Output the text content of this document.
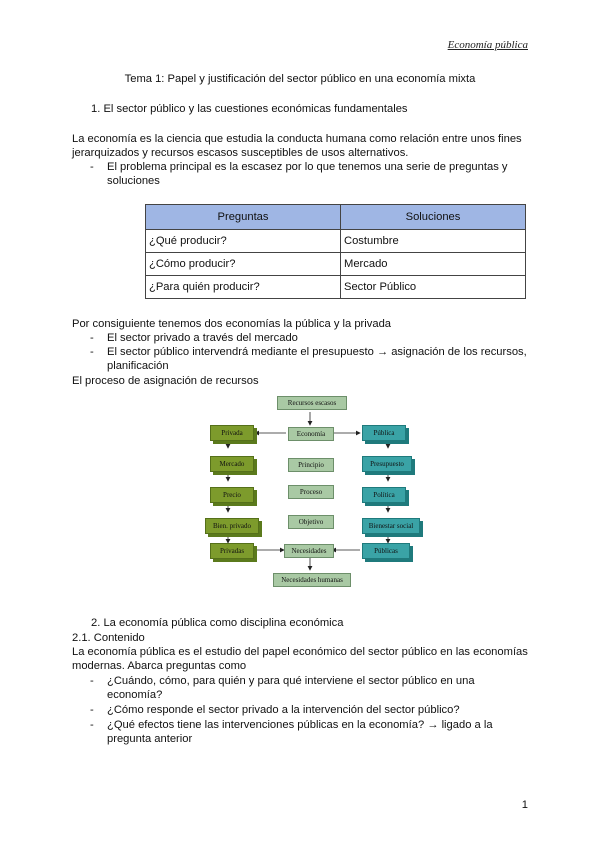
Economía pública
Tema 1: Papel y justificación del sector público en una economía mixta
1. El sector público y las cuestiones económicas fundamentales
La economía es la ciencia que estudia la conducta humana como relación entre unos fines jerarquizados y recursos escasos susceptibles de usos alternativos.
-	El problema principal es la escasez por lo que tenemos una serie de preguntas y soluciones
Preguntas	Soluciones
¿Qué producir?	Costumbre
¿Cómo producir?	Mercado
¿Para quién producir?	Sector Público
Por consiguiente tenemos dos economías la pública y la privada
-	El sector privado a través del mercado
-	El sector público intervendrá mediante el presupuesto → asignación de los recursos, planificación
El proceso de asignación de recursos
Recursos escasos
Economía
Principio
Proceso
Objetivo
Necesidades
Privada
Mercado
Precio
Bien. privado
Privadas
Pública
Presupuesto
Política
Bienestar social
Públicas
Necesidades humanas
2. La economía pública como disciplina económica
2.1. Contenido
La economía pública es el estudio del papel económico del sector público en las economías modernas. Abarca preguntas como
-	¿Cuándo, cómo, para quién y para qué interviene el sector público en una economía?
-	¿Cómo responde el sector privado a la intervención del sector público?
-	¿Qué efectos tiene las intervenciones públicas en la economía? → ligado a la pregunta anterior
1
